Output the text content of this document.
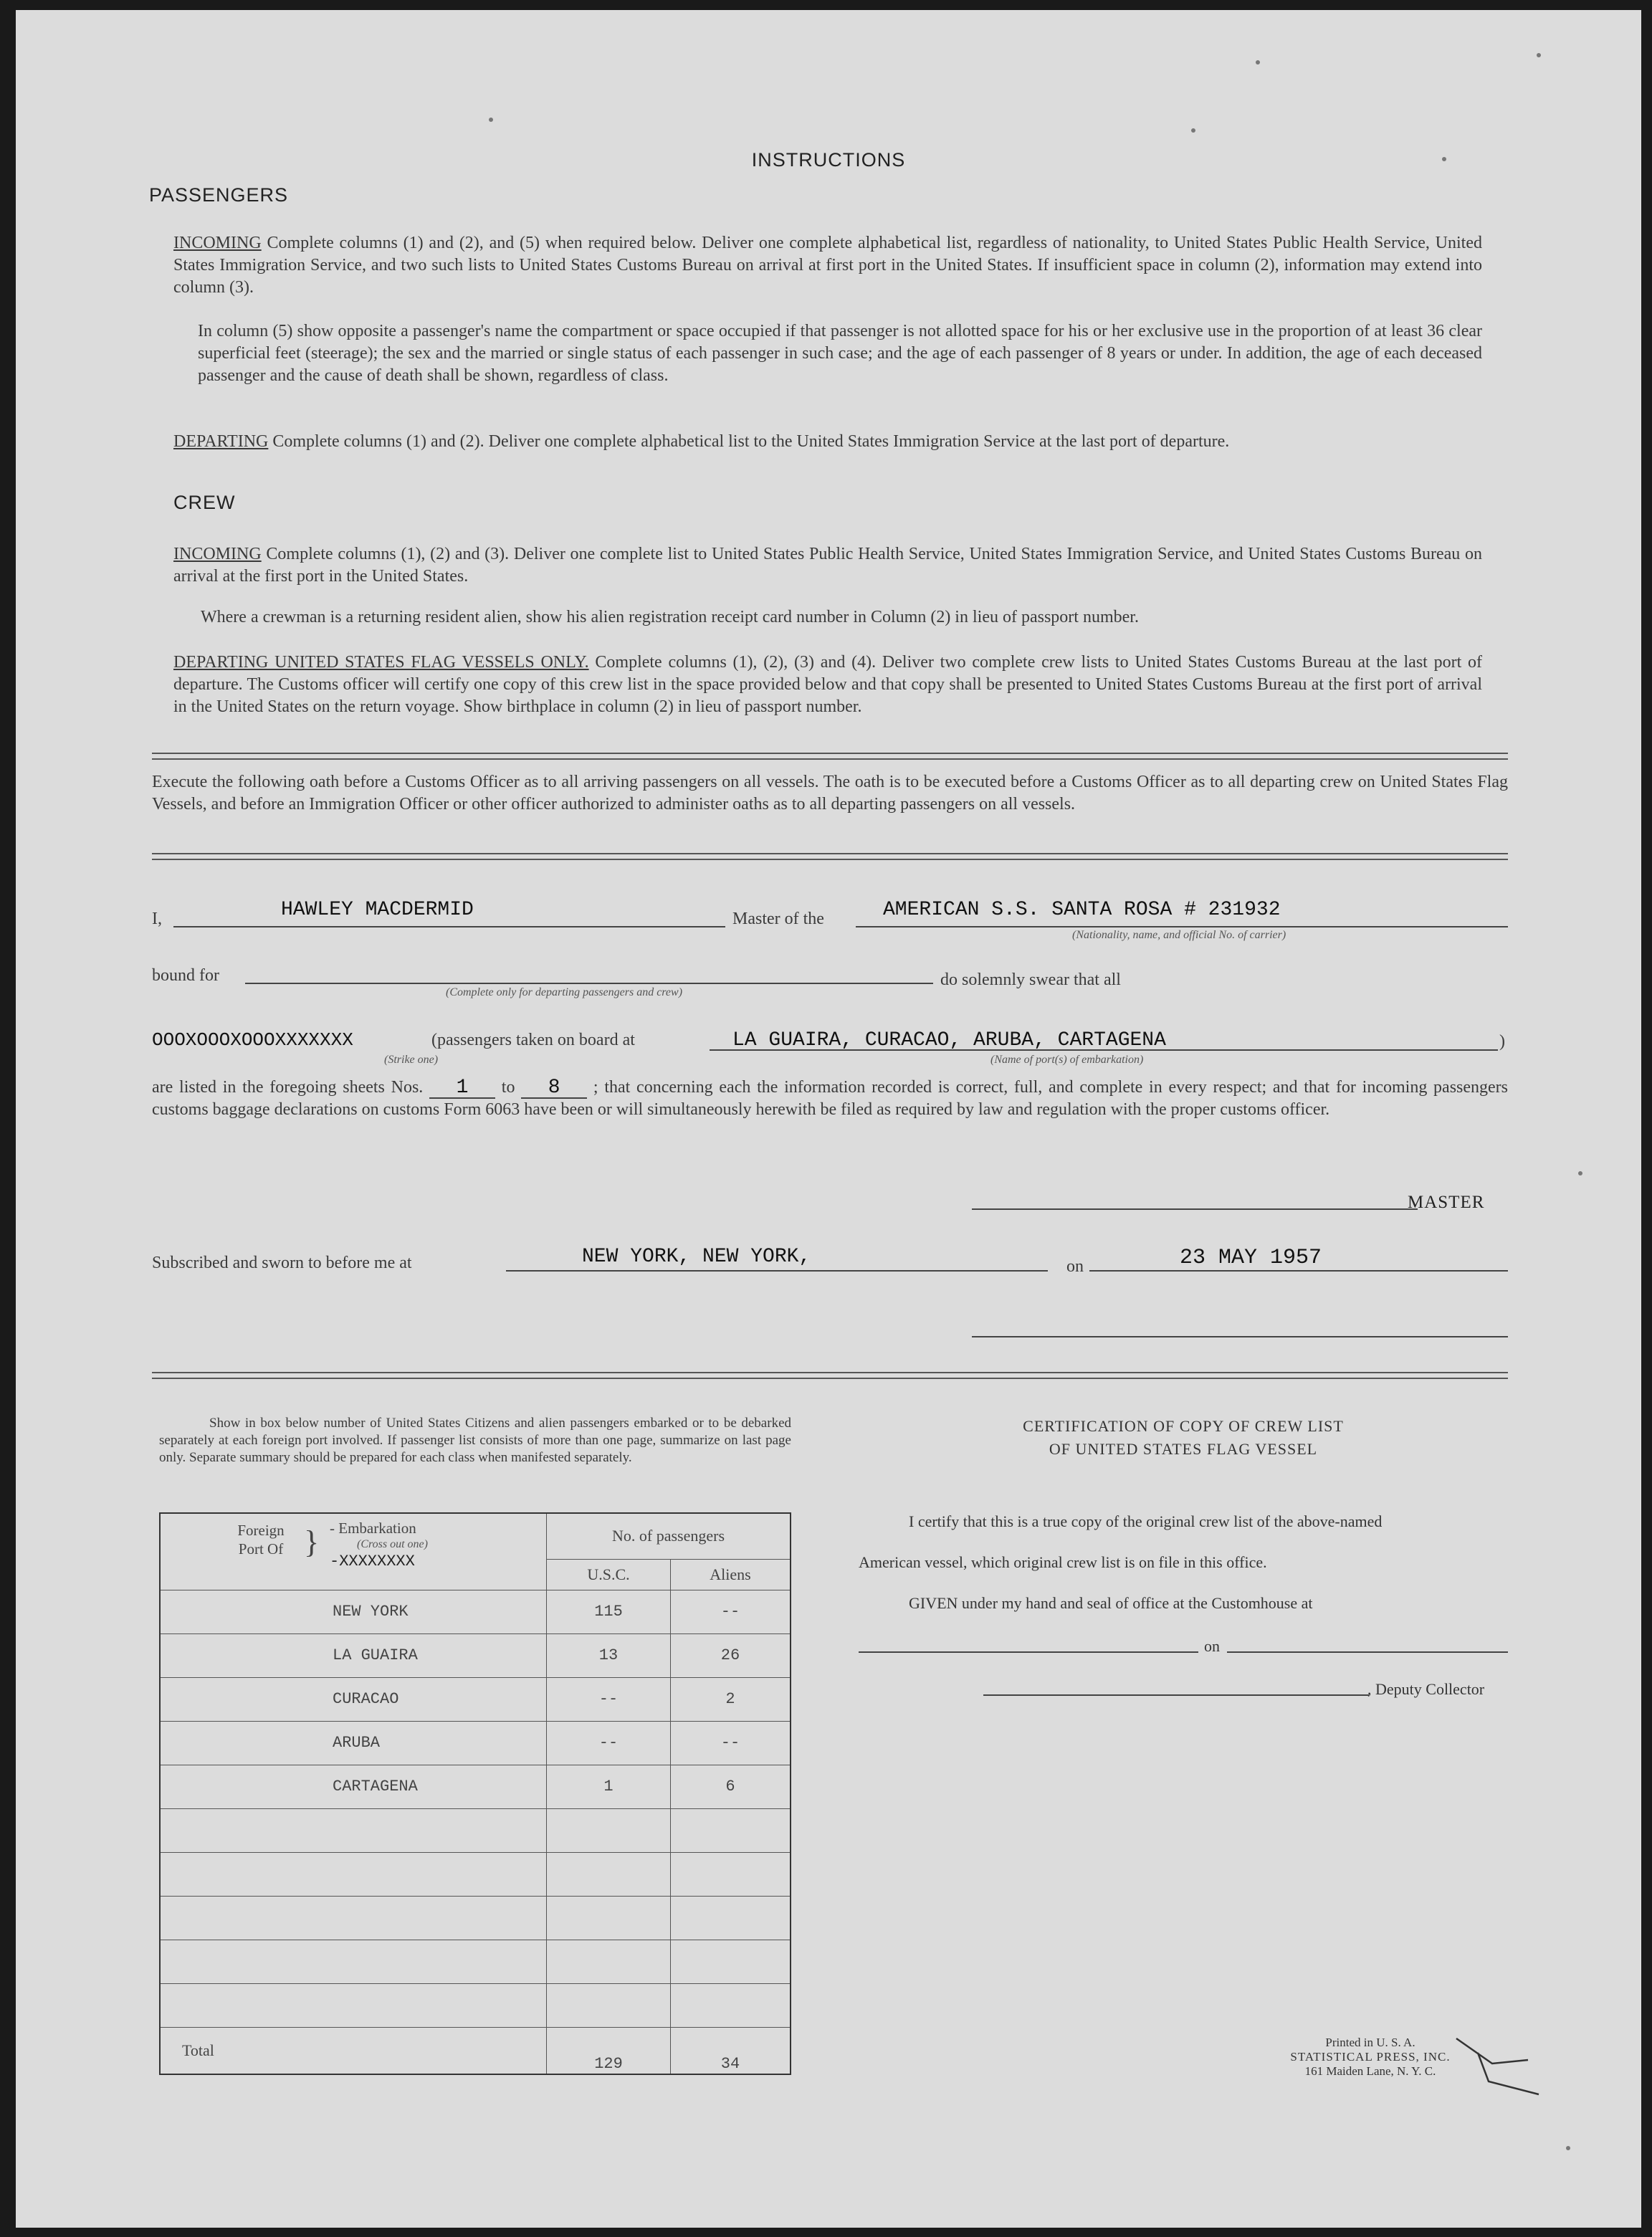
INSTRUCTIONS
PASSENGERS
INCOMING Complete columns (1) and (2), and (5) when required below. Deliver one complete alphabetical list, regardless of nationality, to United States Public Health Service, United States Immigration Service, and two such lists to United States Customs Bureau on arrival at first port in the United States. If insufficient space in column (2), information may extend into column (3).
In column (5) show opposite a passenger's name the compartment or space occupied if that passenger is not allotted space for his or her exclusive use in the proportion of at least 36 clear superficial feet (steerage); the sex and the married or single status of each passenger in such case; and the age of each passenger of 8 years or under. In addition, the age of each deceased passenger and the cause of death shall be shown, regardless of class.
DEPARTING Complete columns (1) and (2). Deliver one complete alphabetical list to the United States Immigration Service at the last port of departure.
CREW
INCOMING Complete columns (1), (2) and (3). Deliver one complete list to United States Public Health Service, United States Immigration Service, and United States Customs Bureau on arrival at the first port in the United States.
Where a crewman is a returning resident alien, show his alien registration receipt card number in Column (2) in lieu of passport number.
DEPARTING UNITED STATES FLAG VESSELS ONLY. Complete columns (1), (2), (3) and (4). Deliver two complete crew lists to United States Customs Bureau at the last port of departure. The Customs officer will certify one copy of this crew list in the space provided below and that copy shall be presented to United States Customs Bureau at the first port of arrival in the United States on the return voyage. Show birthplace in column (2) in lieu of passport number.
Execute the following oath before a Customs Officer as to all arriving passengers on all vessels. The oath is to be executed before a Customs Officer as to all departing crew on United States Flag Vessels, and before an Immigration Officer or other officer authorized to administer oaths as to all departing passengers on all vessels.
I,	HAWLEY MACDERMID	Master of the	AMERICAN S.S. SANTA ROSA # 231932
(Nationality, name, and official No. of carrier)
bound for
(Complete only for departing passengers and crew)
do solemnly swear that all
OOOXOOOXOOOXXXXXXX
(Strike one)
(passengers taken on board at	LA GUAIRA, CURACAO, ARUBA, CARTAGENA
(Name of port(s) of embarkation)
)
are listed in the foregoing sheets Nos. 1 to 8 ; that concerning each the information recorded is correct, full, and complete in every respect; and that for incoming passengers customs baggage declarations on customs Form 6063 have been or will simultaneously herewith be filed as required by law and regulation with the proper customs officer.
MASTER
Subscribed and sworn to before me at	NEW YORK, NEW YORK,	on	23 MAY 1957
Show in box below number of United States Citizens and alien passengers embarked or to be debarked separately at each foreign port involved. If passenger list consists of more than one page, summarize on last page only. Separate summary should be prepared for each class when manifested separately.
Foreign Port Of } - Embarkation
(Cross out one)
-XXXXXXXX	No. of passengers	
	U.S.C.	Aliens
NEW YORK	115	--
LA GUAIRA	13	26
CURACAO	--	2
ARUBA	--	--
CARTAGENA	1	6

Total	129	34
CERTIFICATION OF COPY OF CREW LIST
OF UNITED STATES FLAG VESSEL
I certify that this is a true copy of the original crew list of the above-named
American vessel, which original crew list is on file in this office.
GIVEN under my hand and seal of office at the Customhouse at
on
, Deputy Collector
Printed in U. S. A.
STATISTICAL PRESS, INC.
161 Maiden Lane, N. Y. C.
